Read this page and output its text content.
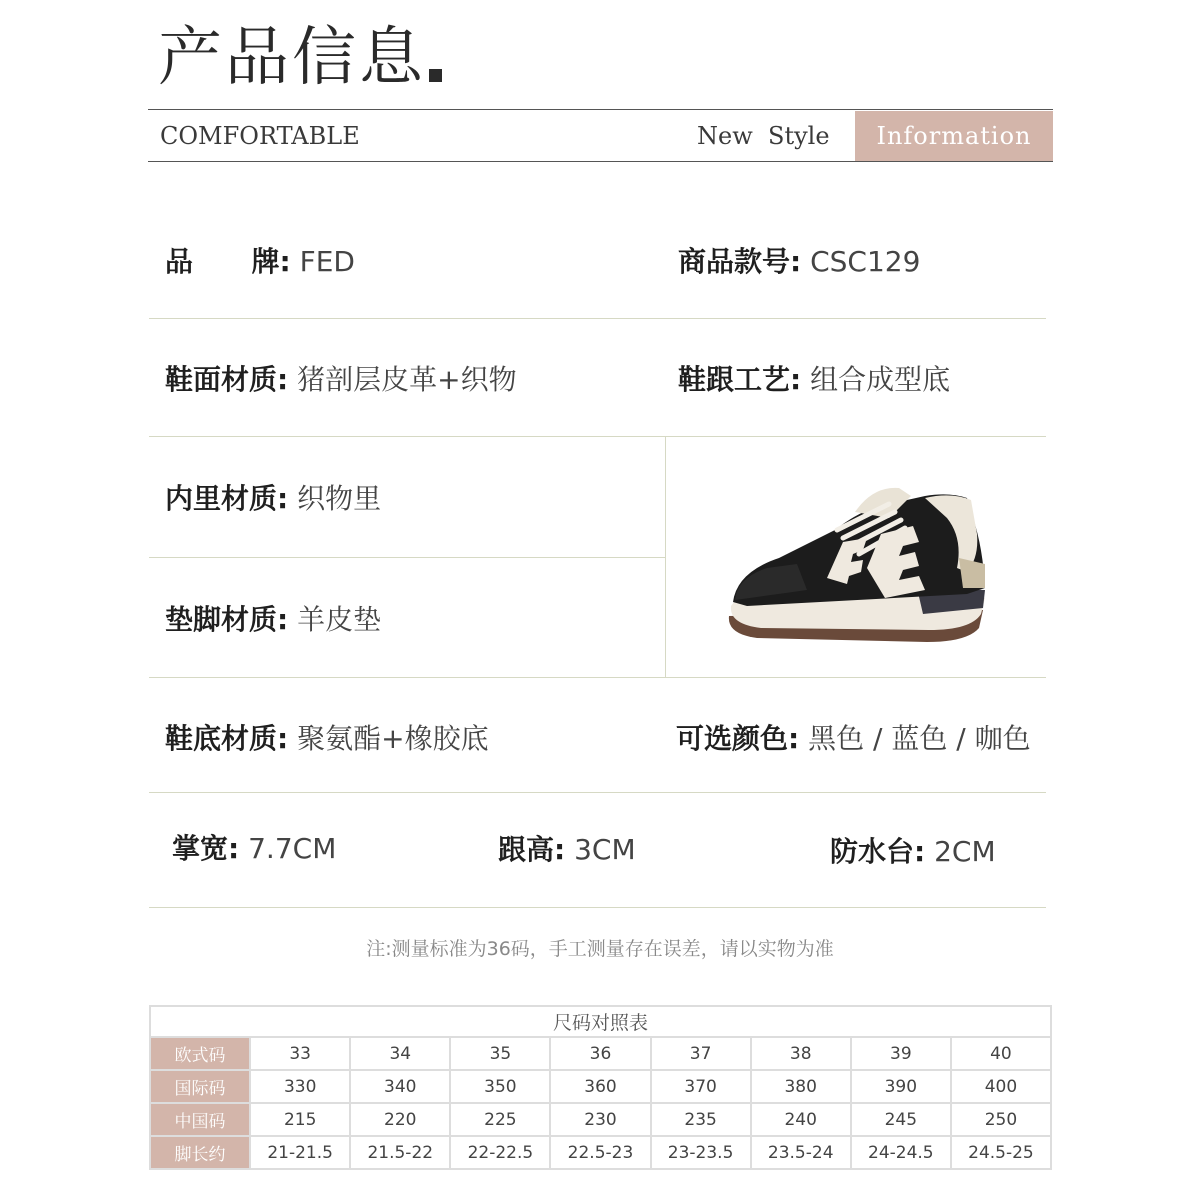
产品信息
COMFORTABLE	New  Style	Information
品      牌: FED	商品款号: CSC129
鞋面材质: 猪剖层皮革+织物	鞋跟工艺: 组合成型底
内里材质: 织物里
垫脚材质: 羊皮垫
鞋底材质: 聚氨酯+橡胶底	可选颜色: 黑色 / 蓝色 / 咖色
掌宽: 7.7CM	跟高: 3CM	防水台: 2CM
注:测量标准为36码，手工测量存在误差，请以实物为准
尺码对照表								
欧式码	33	34	35	36	37	38	39	40
国际码	330	340	350	360	370	380	390	400
中国码	215	220	225	230	235	240	245	250
脚长约	21-21.5	21.5-22	22-22.5	22.5-23	23-23.5	23.5-24	24-24.5	24.5-25
